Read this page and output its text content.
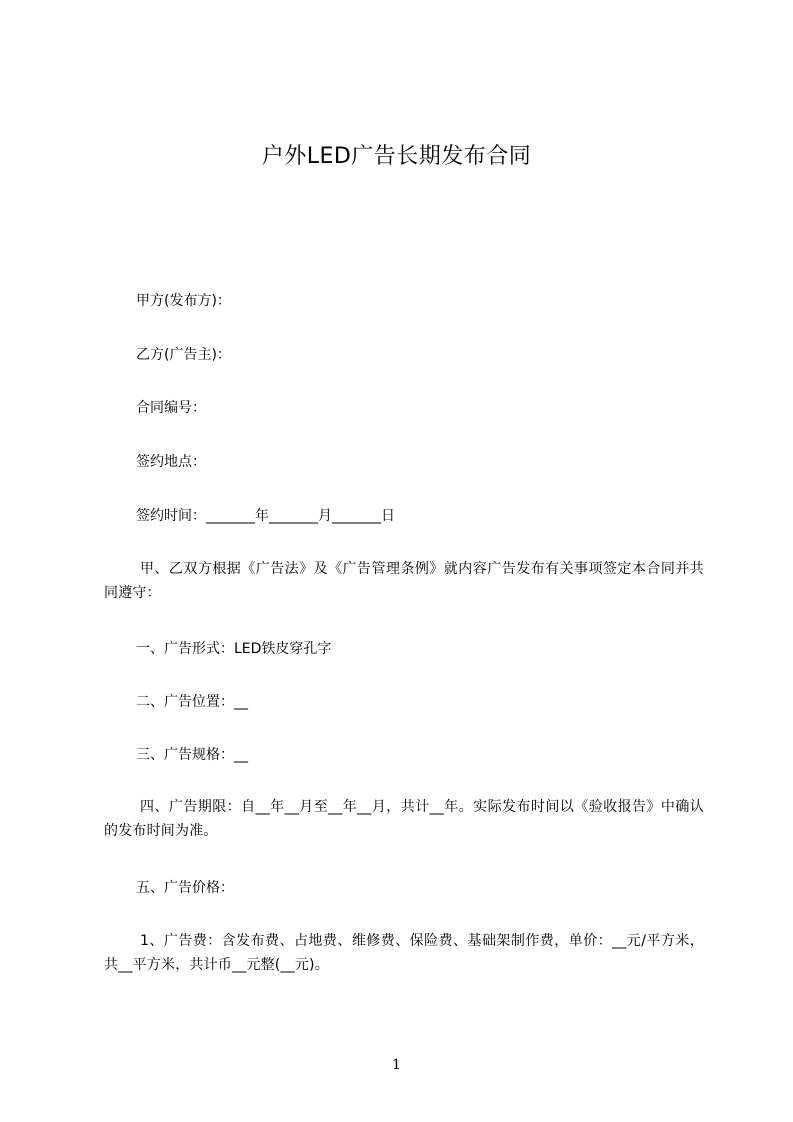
户外LED广告长期发布合同

甲方(发布方)：

乙方(广告主)：

合同编号：

签约地点：

签约时间：_______年_______月_______日

甲、乙双方根据《广告法》及《广告管理条例》就内容广告发布有关事项签定本合同并共同遵守：

一、广告形式：LED铁皮穿孔字

二、广告位置：__

三、广告规格：__

四、广告期限：自__年__月至__年__月，共计__年。实际发布时间以《验收报告》中确认的发布时间为准。

五、广告价格：

1、广告费：含发布费、占地费、维修费、保险费、基础架制作费，单价：__元/平方米，共__平方米，共计币__元整(__元)。

1
